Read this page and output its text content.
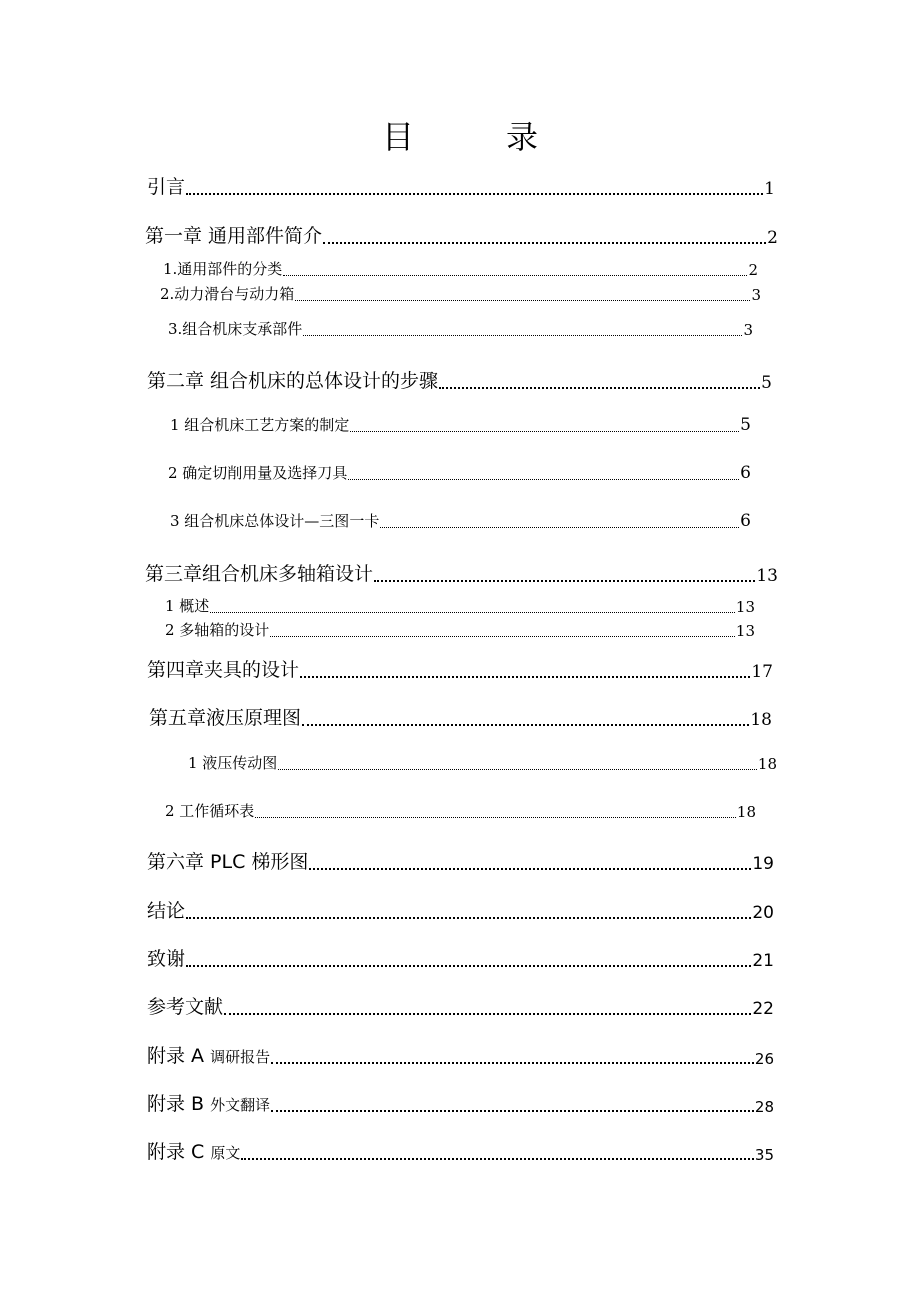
目　录
引言	1
第一章 通用部件简介	2
1.通用部件的分类	2
2.动力滑台与动力箱	3
3.组合机床支承部件	3
第二章 组合机床的总体设计的步骤	5
1 组合机床工艺方案的制定	5
2 确定切削用量及选择刀具	6
3 组合机床总体设计—三图一卡	6
第三章组合机床多轴箱设计	13
1 概述	13
2 多轴箱的设计	13
第四章夹具的设计	17
第五章液压原理图	18
1 液压传动图	18
2 工作循环表	18
第六章 PLC 梯形图	19
结论	20
致谢	21
参考文献	22
附录 A 调研报告	26
附录 B 外文翻译	28
附录 C 原文	35
